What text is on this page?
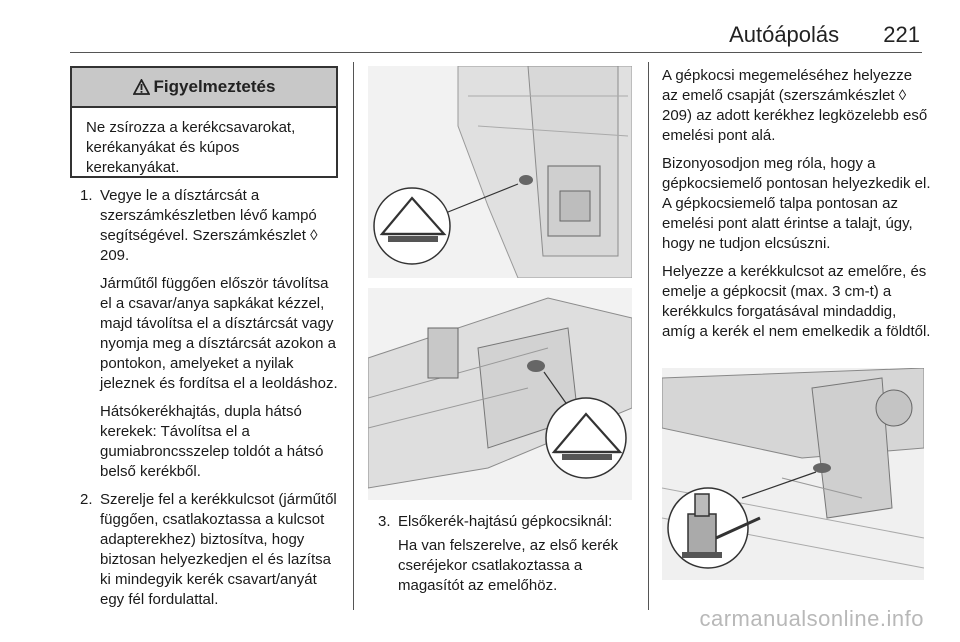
Autóápolás 221
Figyelmeztetés
Ne zsírozza a kerékcsavarokat, kerékanyákat és kúpos kerekanyákat.
1. Vegye le a dísztárcsát a szerszámkészletben lévő kampó segítségével. Szerszámkészlet ◊ 209.

Járműtől függően először távolítsa el a csavar/anya sapkákat kézzel, majd távolítsa el a dísztárcsát vagy nyomja meg a dísztárcsát azokon a pontokon, amelyeket a nyilak jeleznek és fordítsa el a leoldáshoz.

Hátsókerékhajtás, dupla hátsó kerekek: Távolítsa el a gumiabroncsszelep toldót a hátsó belső kerékből.

2. Szerelje fel a kerékkulcsot (járműtől függően, csatlakoztassa a kulcsot adapterekhez) biztosítva, hogy biztosan helyezkedjen el és lazítsa ki mindegyik kerék csavart/anyát egy fél fordulattal.

3. Elsőkerék-hajtású gépkocsiknál:

Ha van felszerelve, az első kerék cseréjekor csatlakoztassa a magasítót az emelőhöz.

A gépkocsi megemeléséhez helyezze az emelő csapját (szerszámkészlet ◊ 209) az adott kerékhez legközelebb eső emelési pont alá.

Bizonyosodjon meg róla, hogy a gépkocsiemelő pontosan helyezkedik el. A gépkocsiemelő talpa pontosan az emelési pont alatt érintse a talajt, úgy, hogy ne tudjon elcsúszni.

Helyezze a kerékkulcsot az emelőre, és emelje a gépkocsit (max. 3 cm-t) a kerékkulcs forgatásával mindaddig, amíg a kerék el nem emelkedik a földtől.

carmanualsonline.info
